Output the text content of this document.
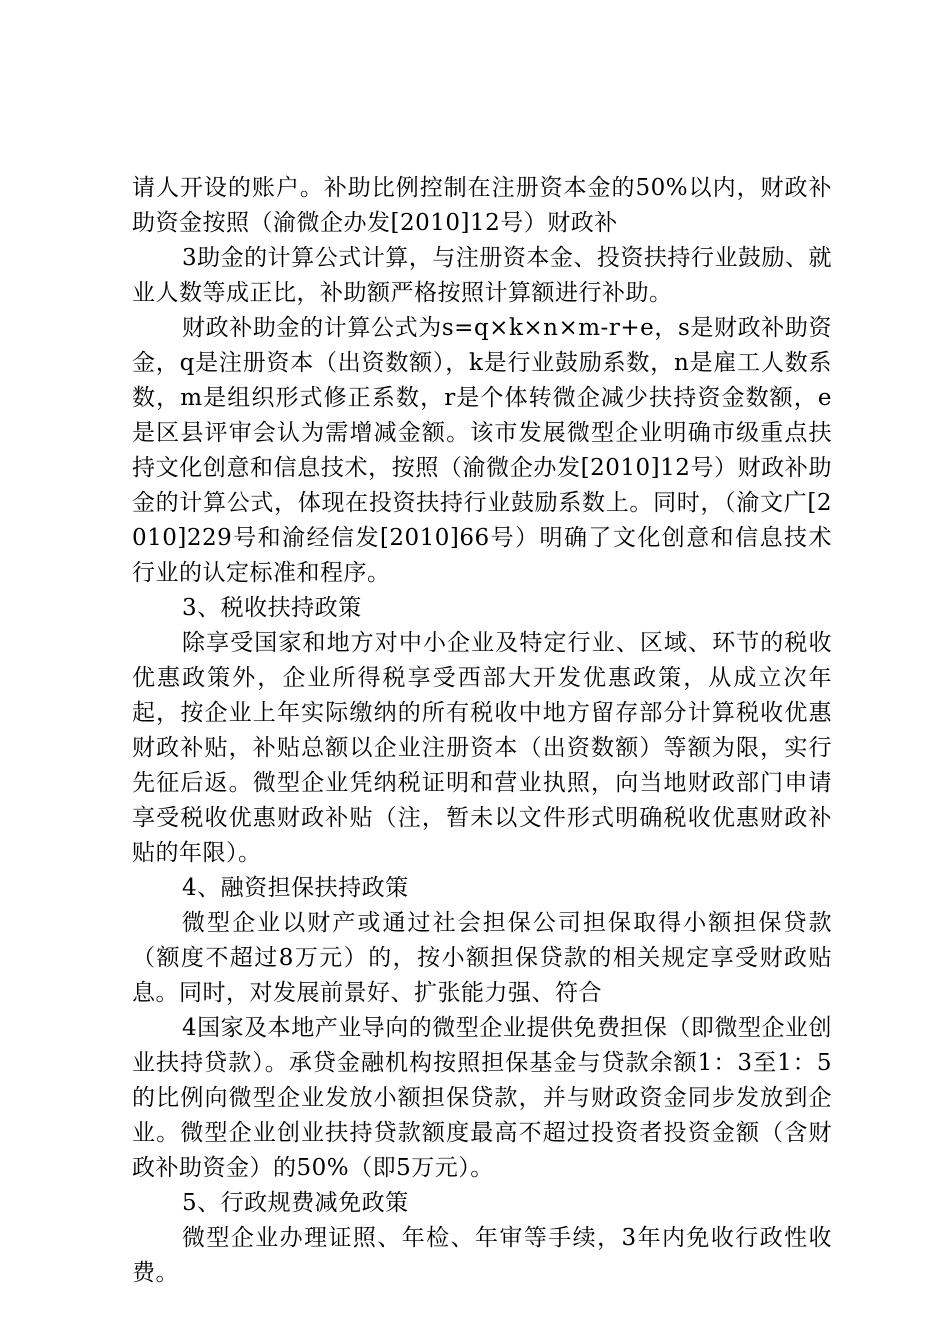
请人开设的账户。补助比例控制在注册资本金的50%以内，财政补助资金按照（渝微企办发[2010]12号）财政补

3助金的计算公式计算，与注册资本金、投资扶持行业鼓励、就业人数等成正比，补助额严格按照计算额进行补助。

财政补助金的计算公式为s=q×k×n×m-r+e，s是财政补助资金，q是注册资本（出资数额），k是行业鼓励系数，n是雇工人数系数，m是组织形式修正系数，r是个体转微企减少扶持资金数额，e是区县评审会认为需增减金额。该市发展微型企业明确市级重点扶持文化创意和信息技术，按照（渝微企办发[2010]12号）财政补助金的计算公式，体现在投资扶持行业鼓励系数上。同时，（渝文广[2010]229号和渝经信发[2010]66号）明确了文化创意和信息技术行业的认定标准和程序。

3、税收扶持政策

除享受国家和地方对中小企业及特定行业、区域、环节的税收优惠政策外，企业所得税享受西部大开发优惠政策，从成立次年起，按企业上年实际缴纳的所有税收中地方留存部分计算税收优惠财政补贴，补贴总额以企业注册资本（出资数额）等额为限，实行先征后返。微型企业凭纳税证明和营业执照，向当地财政部门申请享受税收优惠财政补贴（注，暂未以文件形式明确税收优惠财政补贴的年限）。

4、融资担保扶持政策

微型企业以财产或通过社会担保公司担保取得小额担保贷款（额度不超过8万元）的，按小额担保贷款的相关规定享受财政贴息。同时，对发展前景好、扩张能力强、符合

4国家及本地产业导向的微型企业提供免费担保（即微型企业创业扶持贷款）。承贷金融机构按照担保基金与贷款余额1：3至1：5的比例向微型企业发放小额担保贷款，并与财政资金同步发放到企业。微型企业创业扶持贷款额度最高不超过投资者投资金额（含财政补助资金）的50%（即5万元）。

5、行政规费减免政策

微型企业办理证照、年检、年审等手续，3年内免收行政性收费。
